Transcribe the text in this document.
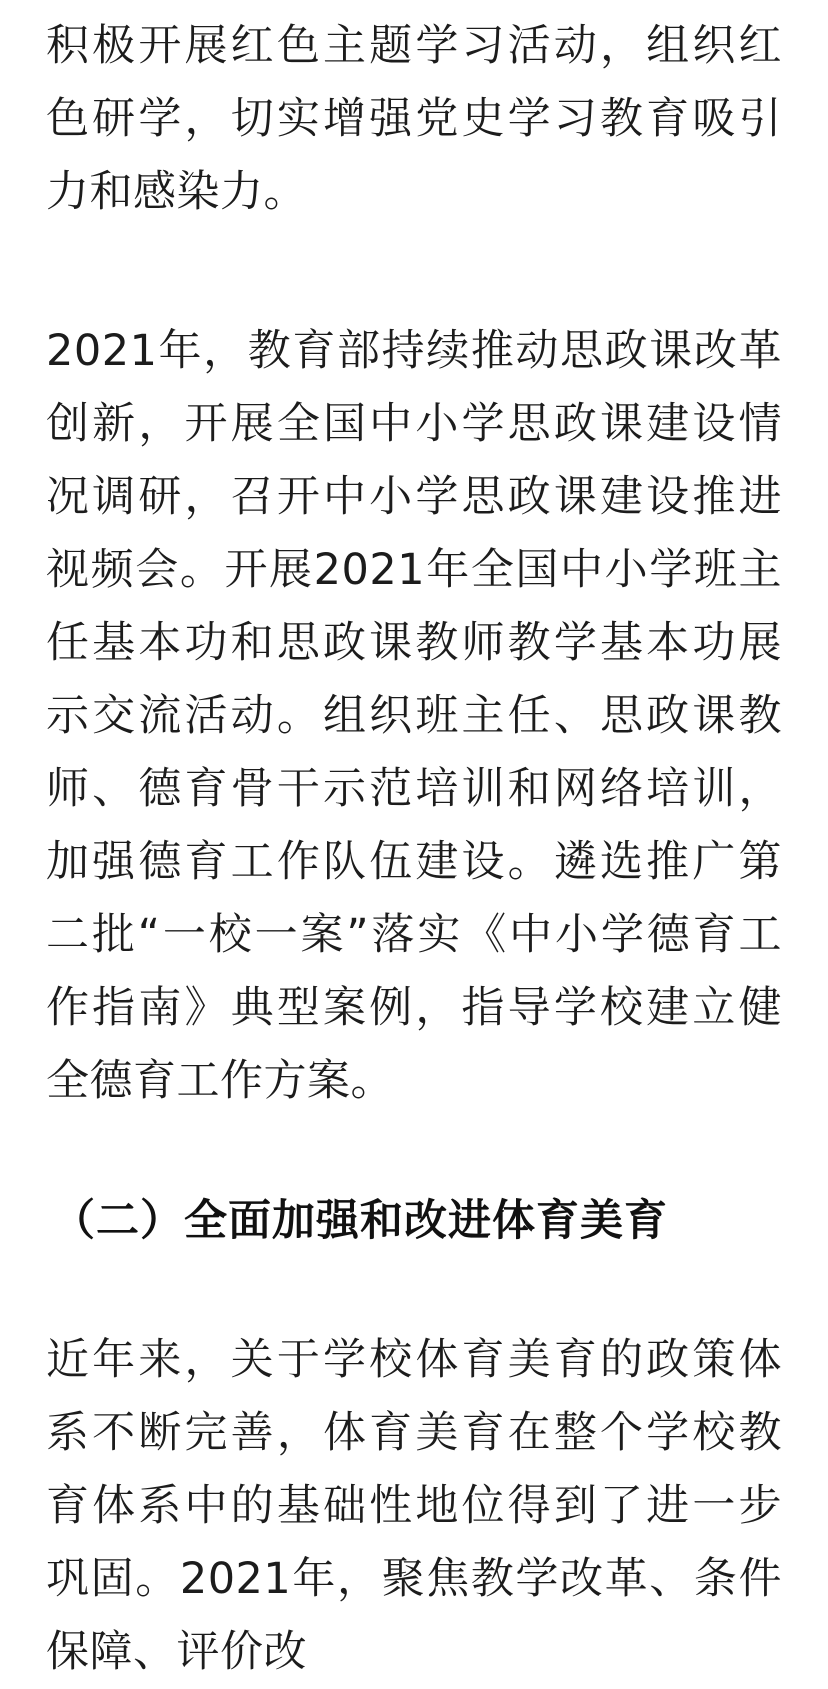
积极开展红色主题学习活动，组织红色研学，切实增强党史学习教育吸引力和感染力。

2021年，教育部持续推动思政课改革创新，开展全国中小学思政课建设情况调研，召开中小学思政课建设推进视频会。开展2021年全国中小学班主任基本功和思政课教师教学基本功展示交流活动。组织班主任、思政课教师、德育骨干示范培训和网络培训，加强德育工作队伍建设。遴选推广第二批“一校一案”落实《中小学德育工作指南》典型案例，指导学校建立健全德育工作方案。

（二）全面加强和改进体育美育

近年来，关于学校体育美育的政策体系不断完善，体育美育在整个学校教育体系中的基础性地位得到了进一步巩固。2021年，聚焦教学改革、条件保障、评价改
